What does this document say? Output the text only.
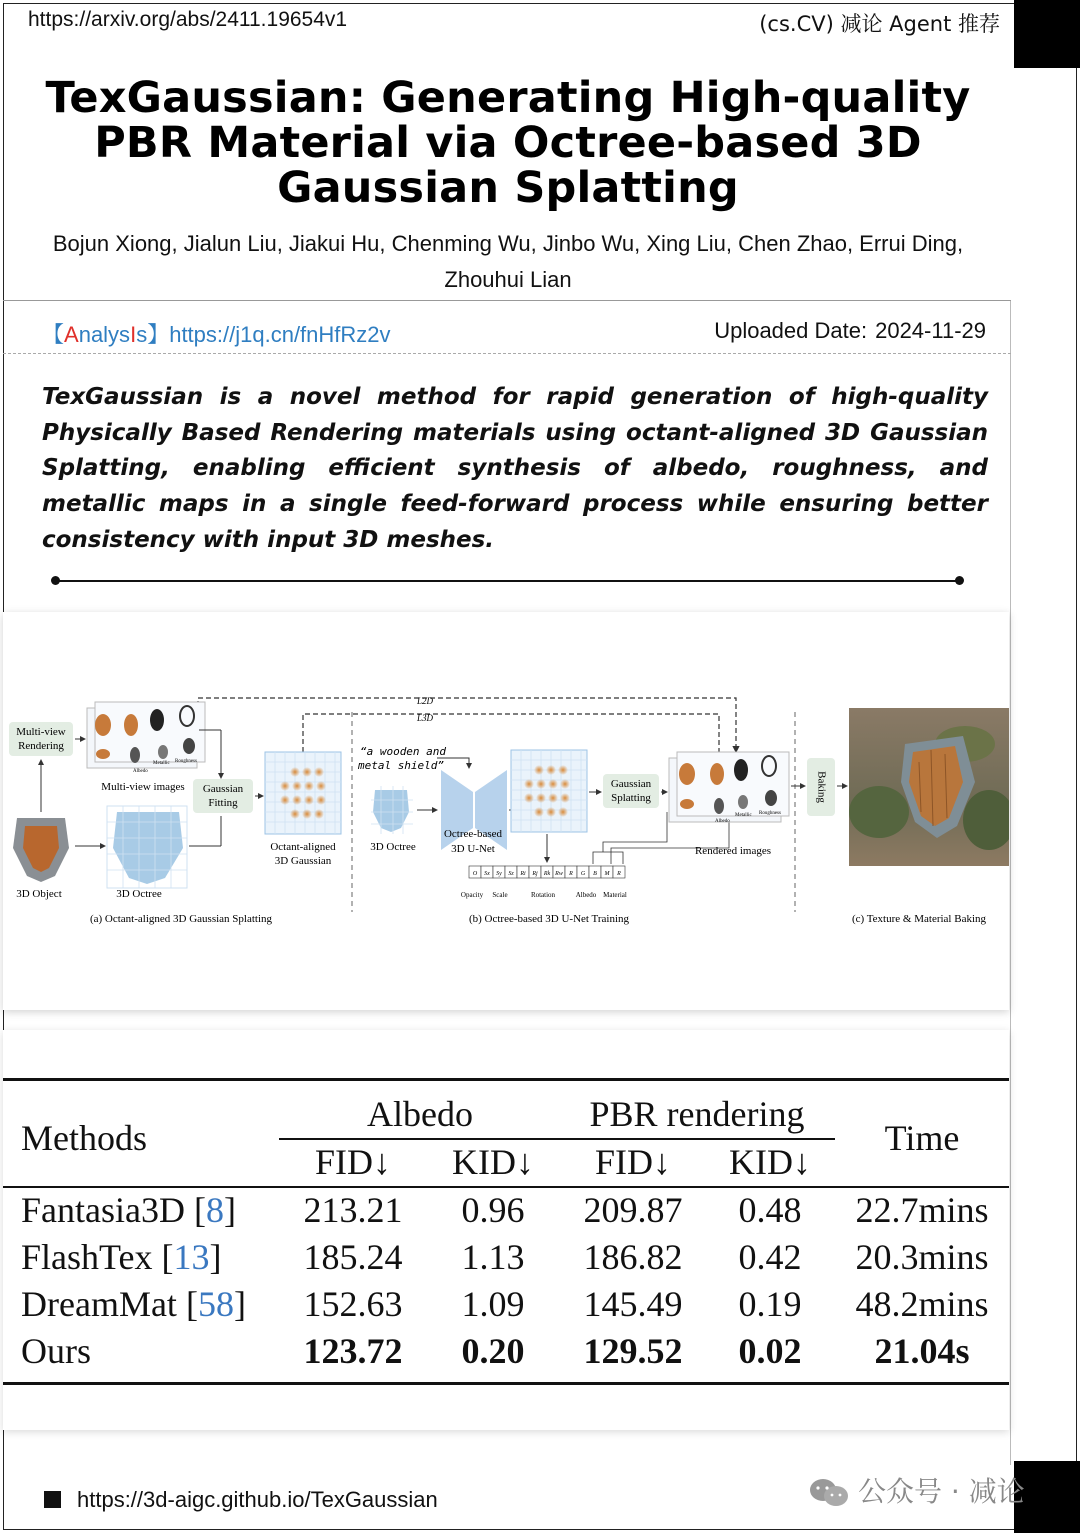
https://arxiv.org/abs/2411.19654v1	(cs.CV) 减论 Agent 推荐
TexGaussian: Generating High-quality PBR Material via Octree-based 3D Gaussian Splatting
Bojun Xiong, Jialun Liu, Jiakui Hu, Chenming Wu, Jinbo Wu, Xing Liu, Chen Zhao, Errui Ding, Zhouhui Lian
【AnalysIs】https://j1q.cn/fnHfRz2v	Uploaded Date: 2024-11-29
TexGaussian is a novel method for rapid generation of high-quality Physically Based Rendering materials using octant-aligned 3D Gaussian Splatting, enabling efficient synthesis of albedo, roughness, and metallic maps in a single feed-forward process while ensuring better consistency with input 3D meshes.
L2D
L3D
Multi-view
Rendering
Albedo
Metallic Roughness
Multi-view images Gaussian
Fitting
Octant-aligned
3D Gaussian
3D Object	3D Octree
“a wooden and
metal shield”
3D Octree
Octree-based
3D U-Net
O Sx Sy Sz Ri Rj Rk Rw R G B M R
Opacity Scale	Rotation	Albedo Material
Gaussian
Splatting
Albedo
Metallic Roughness
Rendered images
Baking
(a) Octant-aligned 3D Gaussian Splatting	(b) Octree-based 3D U-Net Training	(c) Texture & Material Baking
Methods
Albedo	PBR rendering
Time
FID↓	KID↓	FID↓	KID↓
Fantasia3D [8]	213.21	0.96	209.87	0.48	22.7mins
FlashTex [13]	185.24	1.13	186.82	0.42	20.3mins
DreamMat [58]	152.63	1.09	145.49	0.19	48.2mins
Ours	123.72	0.20	129.52	0.02	21.04s
https://3d-aigc.github.io/TexGaussian	公众号 · 减论
